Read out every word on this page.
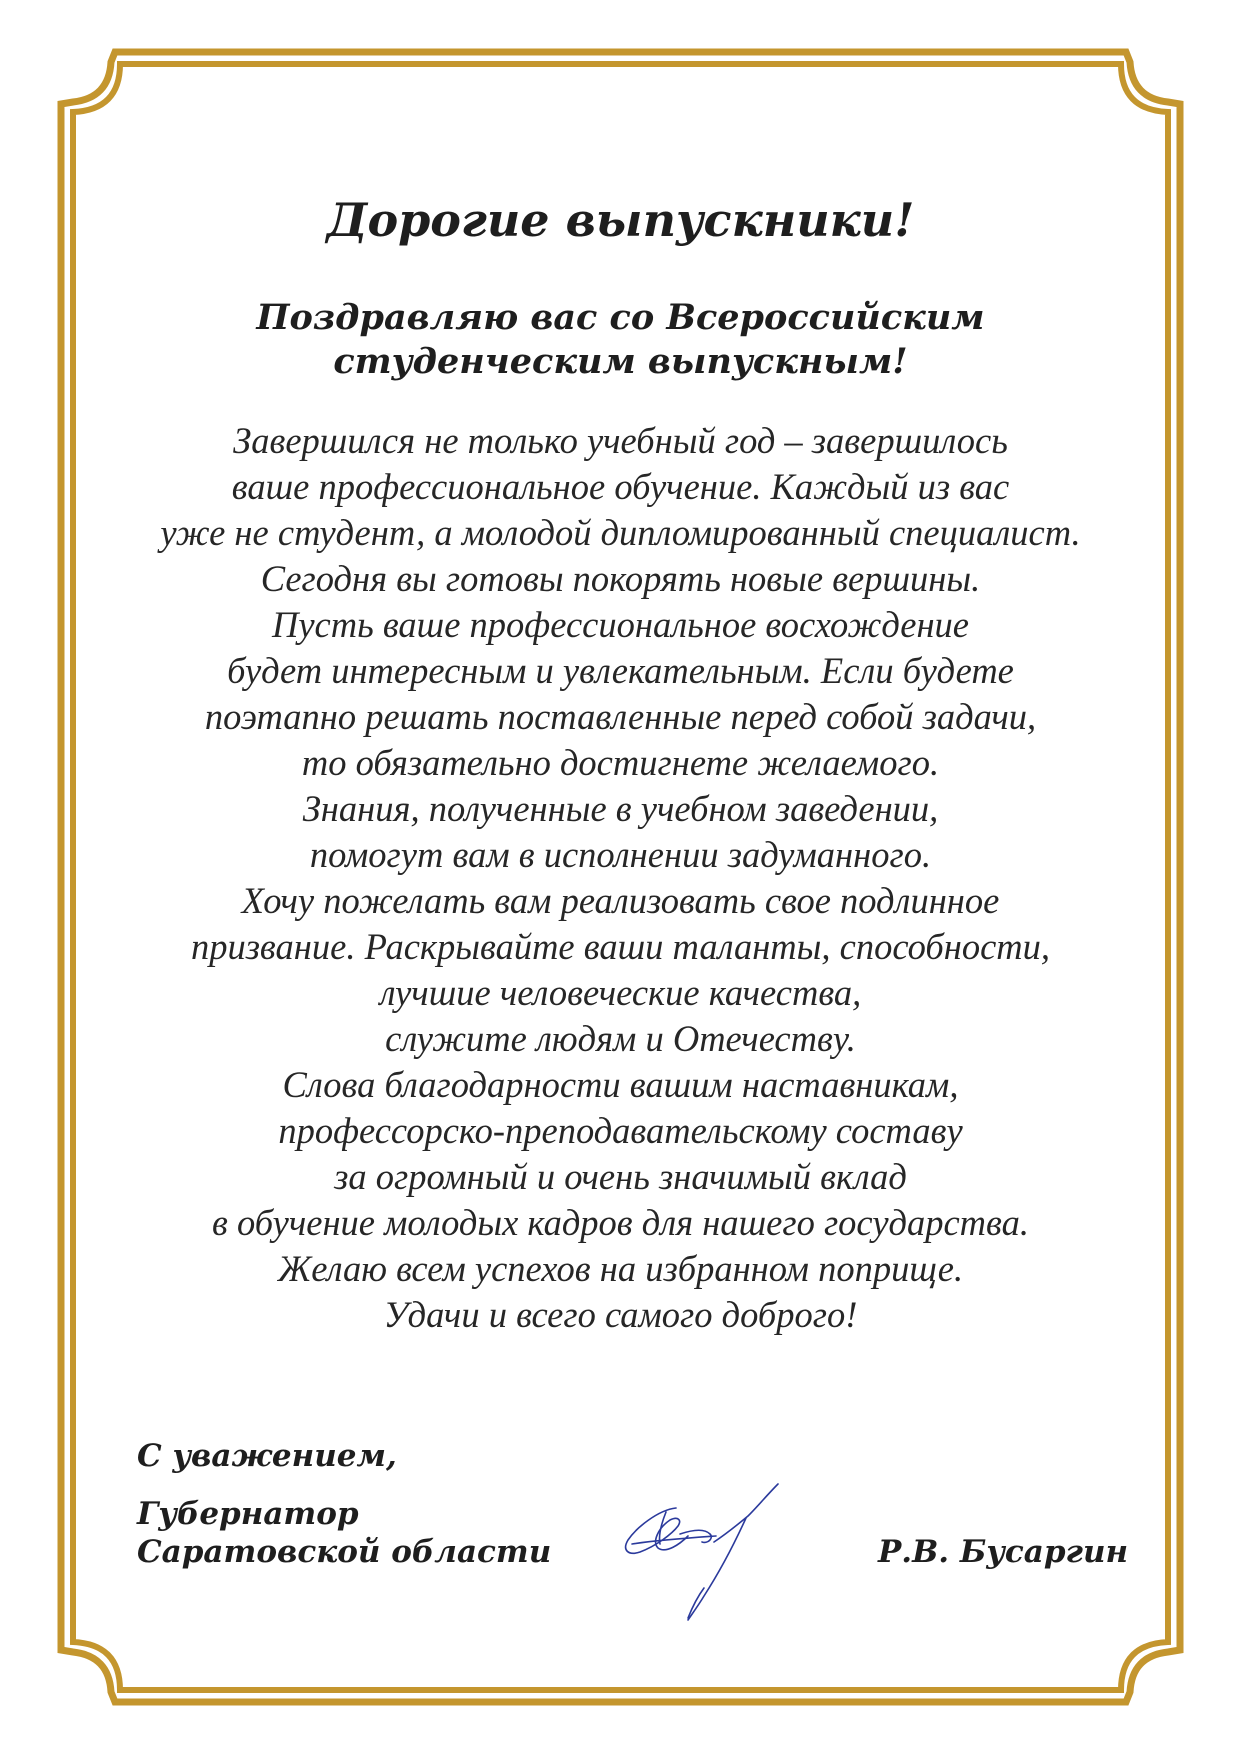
Дорогие выпускники!
Поздравляю вас со Всероссийским
студенческим выпускным!
Завершился не только учебный год – завершилось
ваше профессиональное обучение. Каждый из вас
уже не студент, а молодой дипломированный специалист.
Сегодня вы готовы покорять новые вершины.
Пусть ваше профессиональное восхождение
будет интересным и увлекательным. Если будете
поэтапно решать поставленные перед собой задачи,
то обязательно достигнете желаемого.
Знания, полученные в учебном заведении,
помогут вам в исполнении задуманного.
Хочу пожелать вам реализовать свое подлинное
призвание. Раскрывайте ваши таланты, способности,
лучшие человеческие качества,
служите людям и Отечеству.
Слова благодарности вашим наставникам,
профессорско-преподавательскому составу
за огромный и очень значимый вклад
в обучение молодых кадров для нашего государства.
Желаю всем успехов на избранном поприще.
Удачи и всего самого доброго!
С уважением,
Губернатор
Саратовской области	Р.В. Бусаргин
